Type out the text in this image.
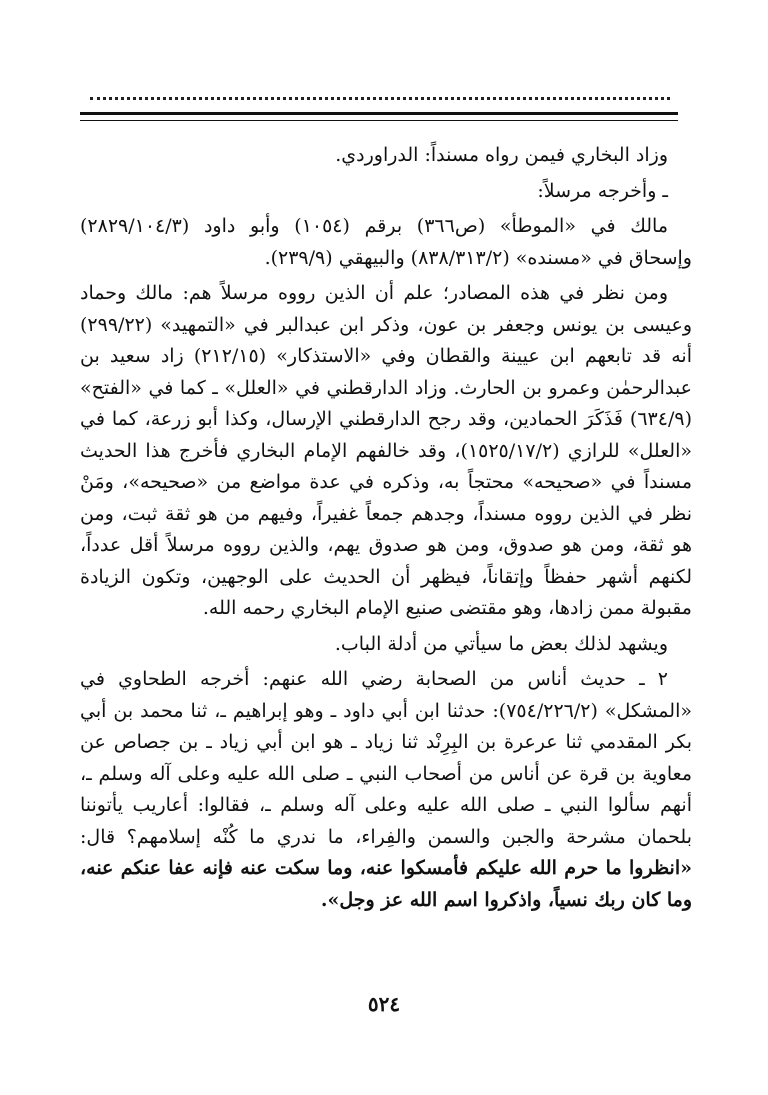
وزاد البخاري فيمن رواه مسنداً: الدراوردي.

ـ وأخرجه مرسلاً:

مالك في «الموطأ» (ص٣٦٦) برقم (١٠٥٤) وأبو داود (٢٨٢٩/١٠٤/٣) وإسحاق في «مسنده» (٨٣٨/٣١٣/٢) والبيهقي (٢٣٩/٩).

ومن نظر في هذه المصادر؛ علم أن الذين رووه مرسلاً هم: مالك وحماد وعيسى بن يونس وجعفر بن عون، وذكر ابن عبدالبر في «التمهيد» (٢٩٩/٢٢) أنه قد تابعهم ابن عيينة والقطان وفي «الاستذكار» (٢١٢/١٥) زاد سعيد بن عبدالرحمٰن وعمرو بن الحارث. وزاد الدارقطني في «العلل» ـ كما في «الفتح» (٦٣٤/٩) فَذَكَرَ الحمادين، وقد رجح الدارقطني الإرسال، وكذا أبو زرعة، كما في «العلل» للرازي (١٥٢٥/١٧/٢)، وقد خالفهم الإمام البخاري فأخرج هذا الحديث مسنداً في «صحيحه» محتجاً به، وذكره في عدة مواضع من «صحيحه»، ومَنْ نظر في الذين رووه مسنداً، وجدهم جمعاً غفيراً، وفيهم من هو ثقة ثبت، ومن هو ثقة، ومن هو صدوق، ومن هو صدوق يهم، والذين رووه مرسلاً أقل عدداً، لكنهم أشهر حفظاً وإتقاناً، فيظهر أن الحديث على الوجهين، وتكون الزيادة مقبولة ممن زادها، وهو مقتضى صنيع الإمام البخاري رحمه الله.

ويشهد لذلك بعض ما سيأتي من أدلة الباب.

٢ ـ حديث أناس من الصحابة رضي الله عنهم: أخرجه الطحاوي في «المشكل» (٧٥٤/٢٢٦/٢): حدثنا ابن أبي داود ـ وهو إبراهيم ـ، ثنا محمد بن أبي بكر المقدمي ثنا عرعرة بن البِرِنْد ثنا زياد ـ هو ابن أبي زياد ـ بن جصاص عن معاوية بن قرة عن أناس من أصحاب النبي ـ صلى الله عليه وعلى آله وسلم ـ، أنهم سألوا النبي ـ صلى الله عليه وعلى آله وسلم ـ، فقالوا: أعاريب يأتوننا بلحمان مشرحة والجبن والسمن والفِراء، ما ندري ما كُنْه إسلامهم؟ قال: «انظروا ما حرم الله عليكم فأمسكوا عنه، وما سكت عنه فإنه عفا عنكم عنه، وما كان ربك نسياً، واذكروا اسم الله عز وجل».

٥٢٤
